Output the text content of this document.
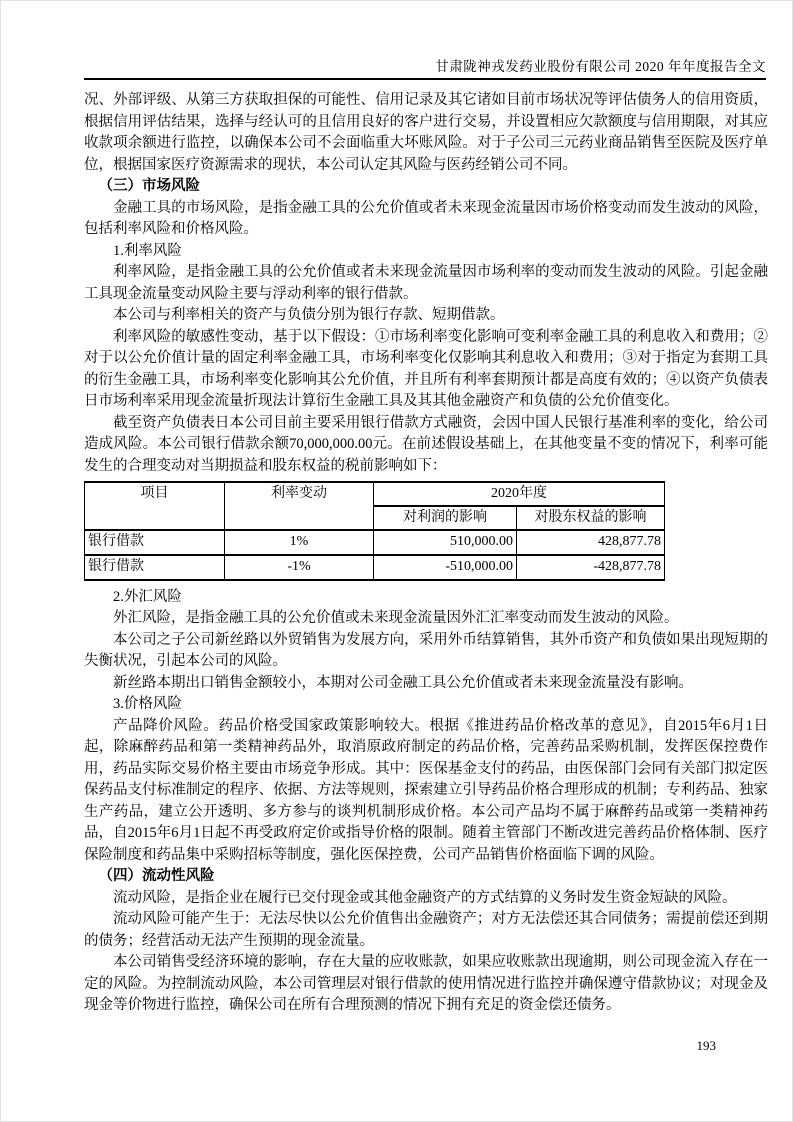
甘肃陇神戎发药业股份有限公司 2020 年年度报告全文

况、外部评级、从第三方获取担保的可能性、信用记录及其它诸如目前市场状况等评估债务人的信用资质，根据信用评估结果，选择与经认可的且信用良好的客户进行交易，并设置相应欠款额度与信用期限，对其应收款项余额进行监控，以确保本公司不会面临重大坏账风险。对于子公司三元药业商品销售至医院及医疗单位，根据国家医疗资源需求的现状，本公司认定其风险与医药经销公司不同。

（三）市场风险

金融工具的市场风险，是指金融工具的公允价值或者未来现金流量因市场价格变动而发生波动的风险，包括利率风险和价格风险。

1.利率风险

利率风险，是指金融工具的公允价值或者未来现金流量因市场利率的变动而发生波动的风险。引起金融工具现金流量变动风险主要与浮动利率的银行借款。

本公司与利率相关的资产与负债分别为银行存款、短期借款。

利率风险的敏感性变动，基于以下假设：①市场利率变化影响可变利率金融工具的利息收入和费用；②对于以公允价值计量的固定利率金融工具，市场利率变化仅影响其利息收入和费用；③对于指定为套期工具的衍生金融工具，市场利率变化影响其公允价值，并且所有利率套期预计都是高度有效的；④以资产负债表日市场利率采用现金流量折现法计算衍生金融工具及其其他金融资产和负债的公允价值变化。

截至资产负债表日本公司目前主要采用银行借款方式融资，会因中国人民银行基准利率的变化，给公司造成风险。本公司银行借款余额70,000,000.00元。在前述假设基础上，在其他变量不变的情况下，利率可能发生的合理变动对当期损益和股东权益的税前影响如下：

项目	利率变动	2020年度	
		对利润的影响	对股东权益的影响
银行借款	1%	510,000.00	428,877.78
银行借款	-1%	-510,000.00	-428,877.78

2.外汇风险

外汇风险，是指金融工具的公允价值或未来现金流量因外汇汇率变动而发生波动的风险。

本公司之子公司新丝路以外贸销售为发展方向，采用外币结算销售，其外币资产和负债如果出现短期的失衡状况，引起本公司的风险。

新丝路本期出口销售金额较小，本期对公司金融工具公允价值或者未来现金流量没有影响。

3.价格风险

产品降价风险。药品价格受国家政策影响较大。根据《推进药品价格改革的意见》，自2015年6月1日起，除麻醉药品和第一类精神药品外，取消原政府制定的药品价格，完善药品采购机制，发挥医保控费作用，药品实际交易价格主要由市场竞争形成。其中：医保基金支付的药品，由医保部门会同有关部门拟定医保药品支付标准制定的程序、依据、方法等规则，探索建立引导药品价格合理形成的机制；专利药品、独家生产药品，建立公开透明、多方参与的谈判机制形成价格。本公司产品均不属于麻醉药品或第一类精神药品，自2015年6月1日起不再受政府定价或指导价格的限制。随着主管部门不断改进完善药品价格体制、医疗保险制度和药品集中采购招标等制度，强化医保控费，公司产品销售价格面临下调的风险。

（四）流动性风险

流动风险，是指企业在履行已交付现金或其他金融资产的方式结算的义务时发生资金短缺的风险。

流动风险可能产生于：无法尽快以公允价值售出金融资产；对方无法偿还其合同债务；需提前偿还到期的债务；经营活动无法产生预期的现金流量。

本公司销售受经济环境的影响，存在大量的应收账款，如果应收账款出现逾期，则公司现金流入存在一定的风险。为控制流动风险，本公司管理层对银行借款的使用情况进行监控并确保遵守借款协议；对现金及现金等价物进行监控，确保公司在所有合理预测的情况下拥有充足的资金偿还债务。

193
